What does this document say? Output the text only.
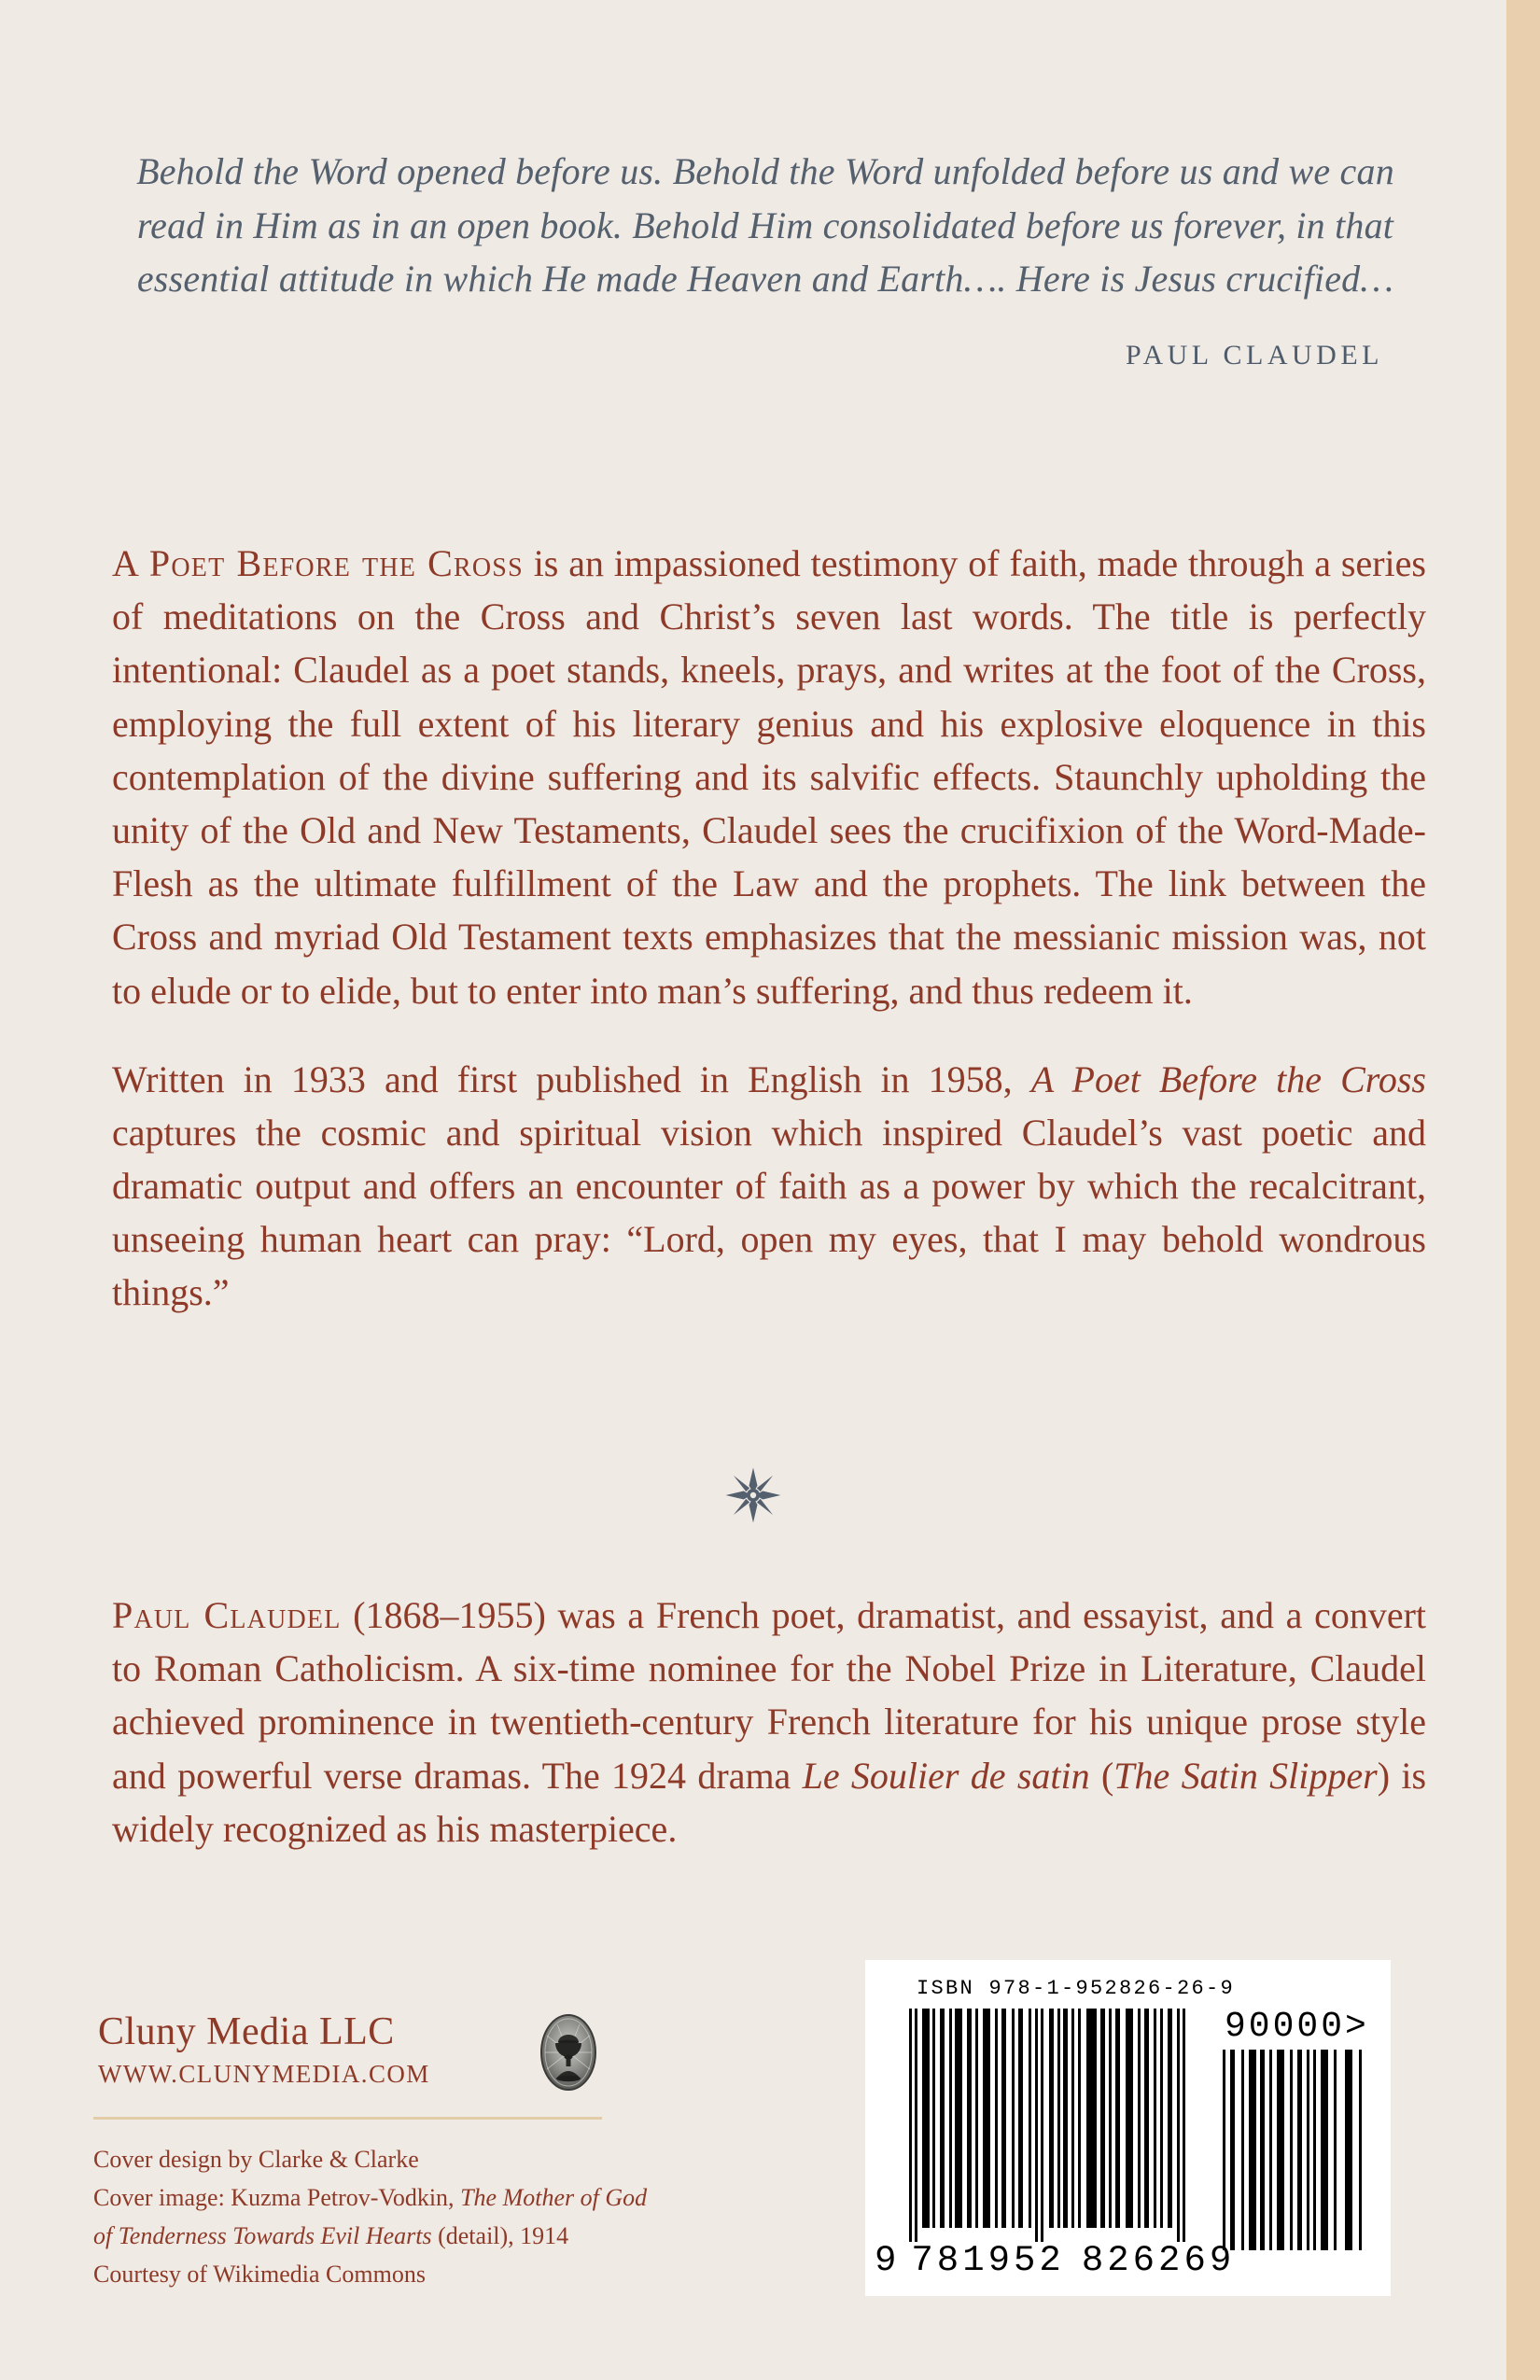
Behold the Word opened before us. Behold the Word unfolded before us and we can read in Him as in an open book. Behold Him consolidated before us forever, in that essential attitude in which He made Heaven and Earth…. Here is Jesus crucified…

PAUL CLAUDEL

A Poet Before the Cross is an impassioned testimony of faith, made through a series of meditations on the Cross and Christ’s seven last words. The title is perfectly intentional: Claudel as a poet stands, kneels, prays, and writes at the foot of the Cross, employing the full extent of his literary genius and his explosive eloquence in this contemplation of the divine suffering and its salvific effects. Staunchly upholding the unity of the Old and New Testaments, Claudel sees the crucifixion of the Word-Made-Flesh as the ultimate fulfillment of the Law and the prophets. The link between the Cross and myriad Old Testament texts emphasizes that the messianic mission was, not to elude or to elide, but to enter into man’s suffering, and thus redeem it.

Written in 1933 and first published in English in 1958, A Poet Before the Cross captures the cosmic and spiritual vision which inspired Claudel’s vast poetic and dramatic output and offers an encounter of faith as a power by which the recalcitrant, unseeing human heart can pray: “Lord, open my eyes, that I may behold wondrous things.”

Paul Claudel (1868–1955) was a French poet, dramatist, and essayist, and a convert to Roman Catholicism. A six-time nominee for the Nobel Prize in Literature, Claudel achieved prominence in twentieth-century French literature for his unique prose style and powerful verse dramas. The 1924 drama Le Soulier de satin (The Satin Slipper) is widely recognized as his masterpiece.

Cluny Media LLC
WWW.CLUNYMEDIA.COM
Cover design by Clarke & Clarke
Cover image: Kuzma Petrov-Vodkin, The Mother of God
of Tenderness Towards Evil Hearts (detail), 1914
Courtesy of Wikimedia Commons
ISBN 978-1-952826-26-9
90000>
9 781952 826269
